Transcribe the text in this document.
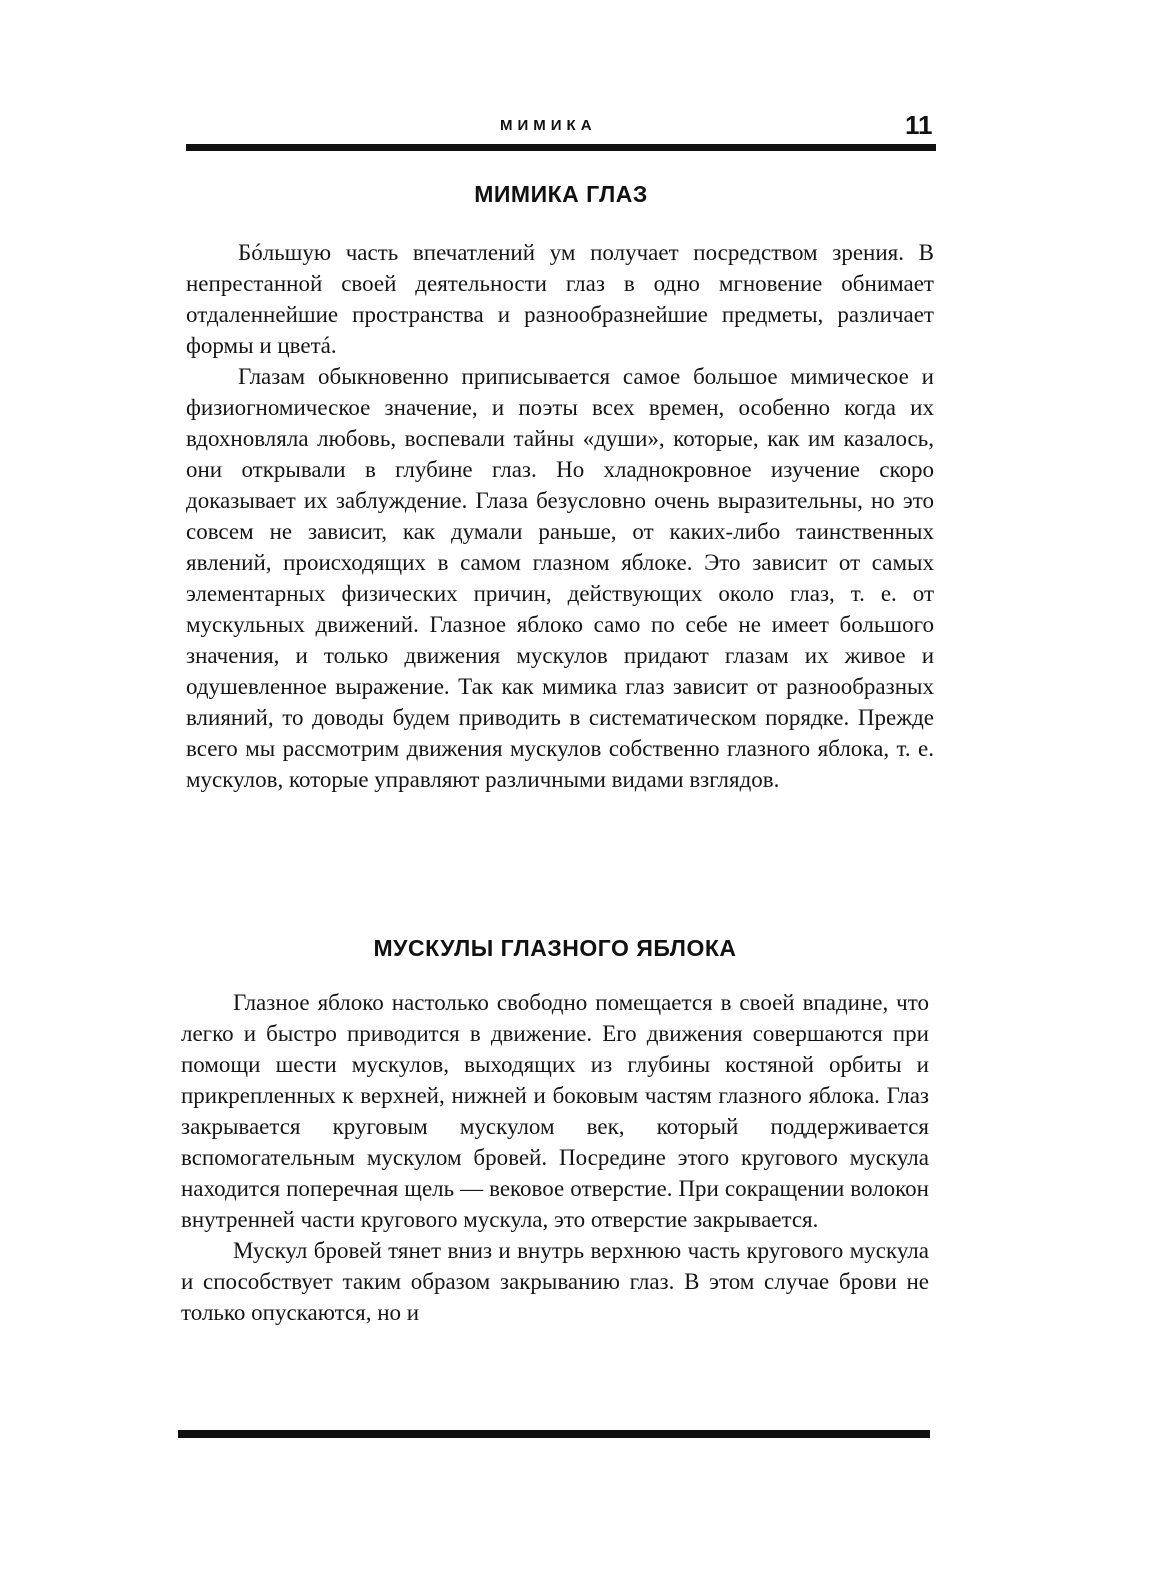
МИМИКА	11
МИМИКА ГЛАЗ

Бóльшую часть впечатлений ум получает посредством зрения. В непрестанной своей деятельности глаз в одно мгновение обнимает отдаленнейшие пространства и разнообразнейшие предметы, различает формы и цветá.

Глазам обыкновенно приписывается самое большое мимическое и физиогномическое значение, и поэты всех времен, особенно когда их вдохновляла любовь, воспевали тайны «души», которые, как им казалось, они открывали в глубине глаз. Но хладнокровное изучение скоро доказывает их заблуждение. Глаза безусловно очень выразительны, но это совсем не зависит, как думали раньше, от каких-либо таинственных явлений, происходящих в самом глазном яблоке. Это зависит от самых элементарных физических причин, действующих около глаз, т. е. от мускульных движений. Глазное яблоко само по себе не имеет большого значения, и только движения мускулов придают глазам их живое и одушевленное выражение. Так как мимика глаз зависит от разнообразных влияний, то доводы будем приводить в систематическом порядке. Прежде всего мы рассмотрим движения мускулов собственно глазного яблока, т. е. мускулов, которые управляют различными видами взглядов.

МУСКУЛЫ ГЛАЗНОГО ЯБЛОКА

Глазное яблоко настолько свободно помещается в своей впадине, что легко и быстро приводится в движение. Его движения совершаются при помощи шести мускулов, выходящих из глубины костяной орбиты и прикрепленных к верхней, нижней и боковым частям глазного яблока. Глаз закрывается круговым мускулом век, который поддерживается вспомогательным мускулом бровей. Посредине этого кругового мускула находится поперечная щель — вековое отверстие. При сокращении волокон внутренней части кругового мускула, это отверстие закрывается.

Мускул бровей тянет вниз и внутрь верхнюю часть кругового мускула и способствует таким образом закрыванию глаз. В этом случае брови не только опускаются, но и
